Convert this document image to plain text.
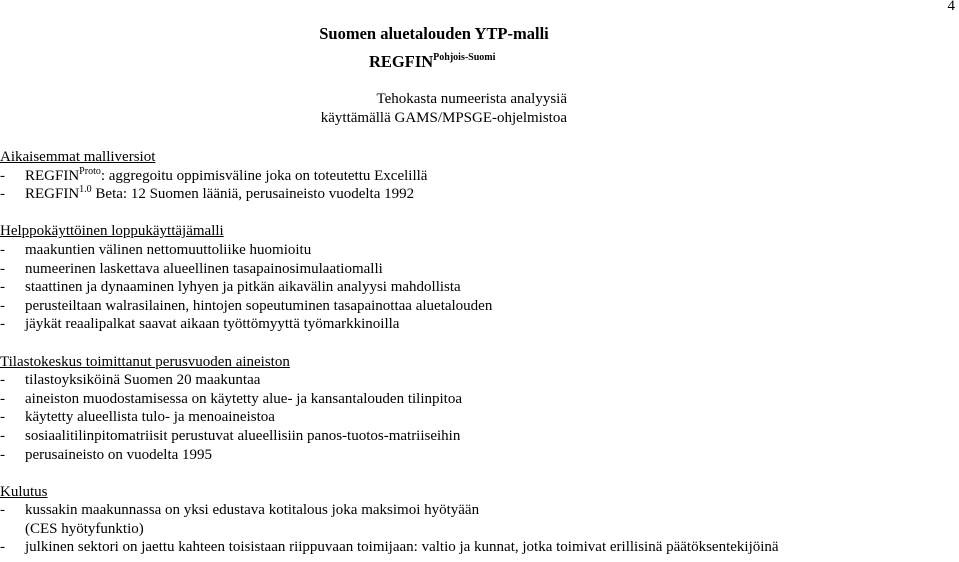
4
Suomen aluetalouden YTP-malli
$REGFIN^{Pohjois-Suomi}$
Tehokasta numeerista analyysiä
käyttämällä GAMS/MPSGE-ohjelmistoa
Aikaisemmat malliversiot
- $REGFIN^{Proto}$: aggregoitu oppimisväline joka on toteutettu Excelillä
- $REGFIN^{1.0}$ Beta: 12 Suomen lääniä, perusaineisto vuodelta 1992
Helppokäyttöinen loppukäyttäjämalli
- maakuntien välinen nettomuuttoliike huomioitu
- numeerinen laskettava alueellinen tasapainosimulaatiomalli
- staattinen ja dynaaminen lyhyen ja pitkän aikavälin analyysi mahdollista
- perusteiltaan walrasilainen, hintojen sopeutuminen tasapainottaa aluetalouden
- jäykät reaalipalkat saavat aikaan työttömyyttä työmarkkinoilla
Tilastokeskus toimittanut perusvuoden aineiston
- tilastoyksiköinä Suomen 20 maakuntaa
- aineiston muodostamisessa on käytetty alue- ja kansantalouden tilinpitoa
- käytetty alueellista tulo- ja menoaineistoa
- sosiaalitilinpitomatriisit perustuvat alueellisiin panos-tuotos-matriiseihin
- perusaineisto on vuodelta 1995
Kulutus
- kussakin maakunnassa on yksi edustava kotitalous joka maksimoi hyötyään
(CES hyötyfunktio)
- julkinen sektori on jaettu kahteen toisistaan riippuvaan toimijaan: valtio ja kunnat, jotka toimivat erillisinä päätöksentekijöinä
